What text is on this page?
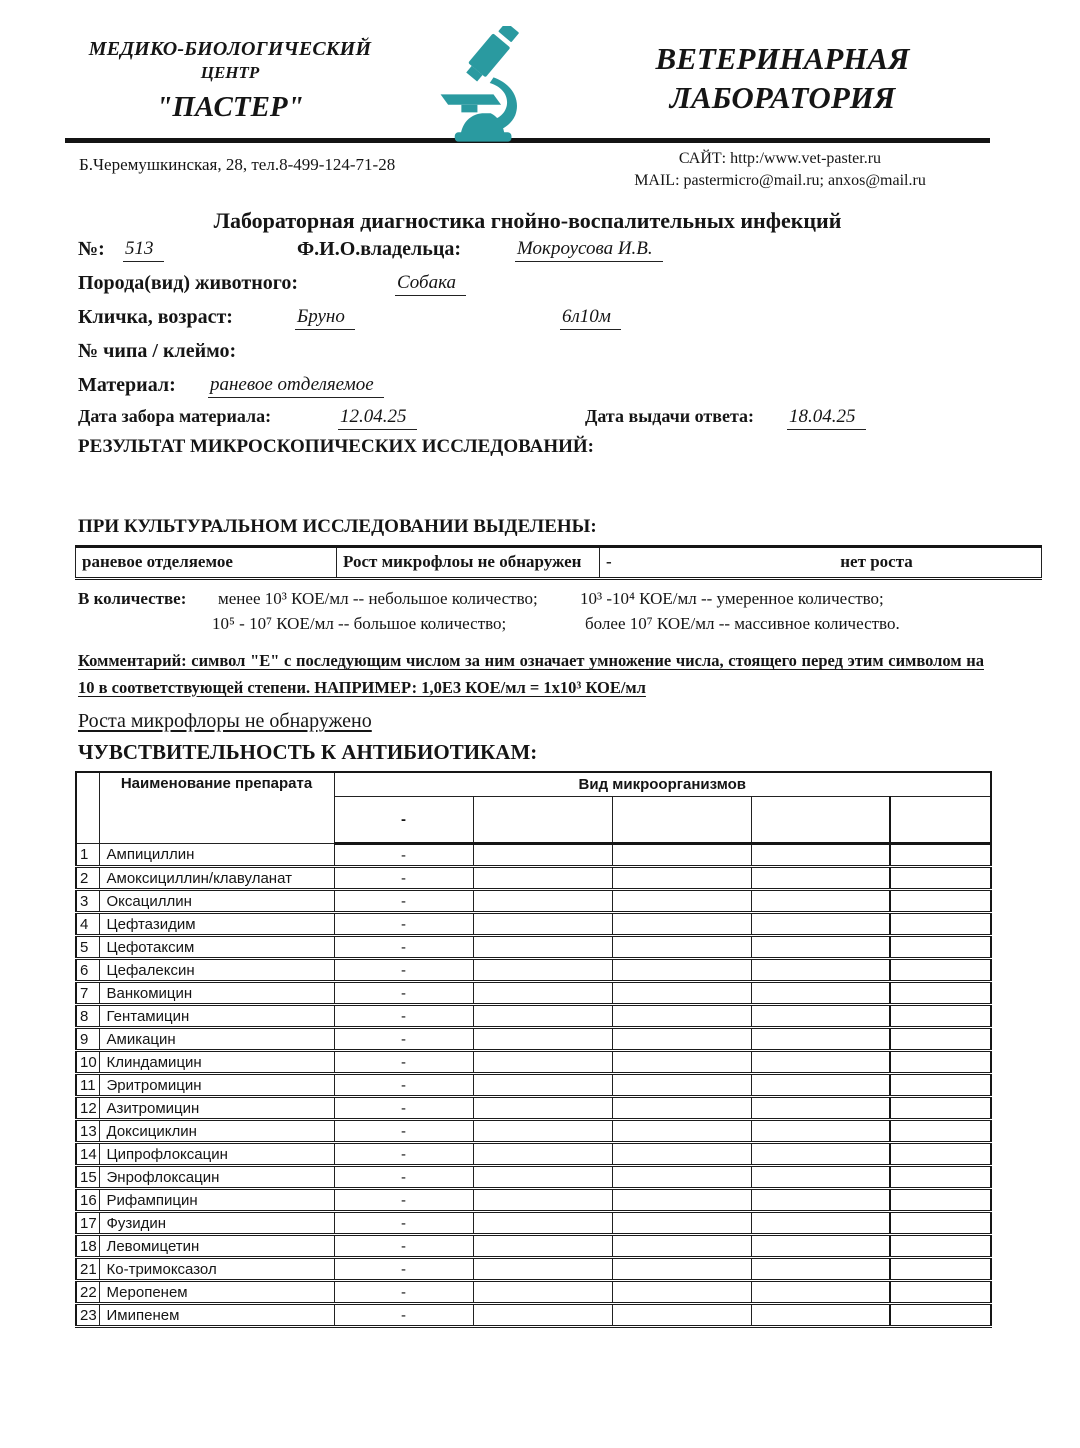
МЕДИКО-БИОЛОГИЧЕСКИЙ
ЦЕНТР
"ПАСТЕР"
ВЕТЕРИНАРНАЯ
ЛАБОРАТОРИЯ
Б.Черемушкинская, 28, тел.8-499-124-71-28	САЙТ: http:/www.vet-paster.ru
MAIL: pastermicro@mail.ru; anxos@mail.ru
Лабораторная диагностика гнойно-воспалительных инфекций
№: 513	Ф.И.О.владельца:	Мокроусова И.В.
Порода(вид) животного:	Собака
Кличка, возраст:	Бруно	6л10м
№ чипа / клеймо:
Материал: раневое отделяемое
Дата забора материала:	12.04.25	Дата выдачи ответа: 18.04.25
РЕЗУЛЬТАТ МИКРОСКОПИЧЕСКИХ ИССЛЕДОВАНИЙ:
ПРИ КУЛЬТУРАЛЬНОМ ИССЛЕДОВАНИИ ВЫДЕЛЕНЫ:
раневое отделяемое	Рост микрофлоы не обнаружен	-	нет роста
В количестве: менее 10³ КОЕ/мл -- небольшое количество; 10³ -10⁴ КОЕ/мл -- умеренное количество;
10⁵ - 10⁷ КОЕ/мл -- большое количество;	более 10⁷ КОЕ/мл -- массивное количество.
Комментарий: символ "Е" с последующим числом за ним означает умножение числа, стоящего перед этим символом на 10 в соответствующей степени. НАПРИМЕР: 1,0Е3 КОЕ/мл = 1х10³ КОЕ/мл
Роста микрофлоры не обнаружено
ЧУВСТВИТЕЛЬНОСТЬ К АНТИБИОТИКАМ:
	Наименование препарата	Вид микроорганизмов				
		-				
1	Ампициллин	-				
2	Амоксициллин/клавуланат	-				
3	Оксациллин	-				
4	Цефтазидим	-				
5	Цефотаксим	-				
6	Цефалексин	-				
7	Ванкомицин	-				
8	Гентамицин	-				
9	Амикацин	-				
10	Клиндамицин	-				
11	Эритромицин	-				
12	Азитромицин	-				
13	Доксициклин	-				
14	Ципрофлоксацин	-				
15	Энрофлоксацин	-				
16	Рифампицин	-				
17	Фузидин	-				
18	Левомицетин	-				
21	Ко-тримоксазол	-				
22	Меропенем	-				
23	Имипенем	-				
